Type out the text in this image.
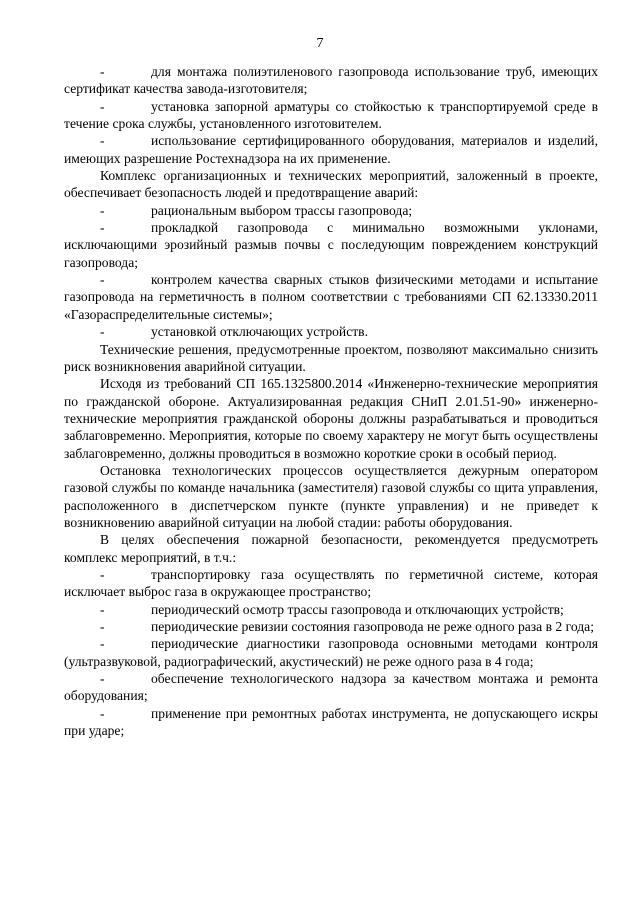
7

-	для монтажа полиэтиленового газопровода использование труб, имеющих сертификат качества завода-изготовителя;

-	установка запорной арматуры со стойкостью к транспортируемой среде в течение срока службы, установленного изготовителем.

-	использование сертифицированного оборудования, материалов и изделий, имеющих разрешение Ростехнадзора на их применение.

Комплекс организационных и технических мероприятий, заложенный в проекте, обеспечивает безопасность людей и предотвращение аварий:

-	рациональным выбором трассы газопровода;

-	прокладкой газопровода с минимально возможными уклонами, исключающими эрозийный размыв почвы с последующим повреждением конструкций газопровода;

-	контролем качества сварных стыков физическими методами и испытание газопровода на герметичность в полном соответствии с требованиями СП 62.13330.2011 «Газораспределительные системы»;

-	установкой отключающих устройств.

Технические решения, предусмотренные проектом, позволяют максимально снизить риск возникновения аварийной ситуации.

Исходя из требований СП 165.1325800.2014 «Инженерно-технические мероприятия по гражданской обороне. Актуализированная редакция СНиП 2.01.51-90» инженерно- технические мероприятия гражданской обороны должны разрабатываться и проводиться заблаговременно. Мероприятия, которые по своему характеру не могут быть осуществлены заблаговременно, должны проводиться в возможно короткие сроки в особый период.

Остановка технологических процессов осуществляется дежурным оператором газовой службы по команде начальника (заместителя) газовой службы со щита управления, расположенного в диспетчерском пункте (пункте управления) и не приведет к возникновению аварийной ситуации на любой стадии: работы оборудования.

В целях обеспечения пожарной безопасности, рекомендуется предусмотреть комплекс мероприятий, в т.ч.:

-	транспортировку газа осуществлять по герметичной системе, которая исключает выброс газа в окружающее пространство;

-	периодический осмотр трассы газопровода и отключающих устройств;

-	периодические ревизии состояния газопровода не реже одного раза в 2 года;

-	периодические диагностики газопровода основными методами контроля (ультразвуковой, радиографический, акустический) не реже одного раза в 4 года;

-	обеспечение технологического надзора за качеством монтажа и ремонта оборудования;

-	применение при ремонтных работах инструмента, не допускающего искры при ударе;
